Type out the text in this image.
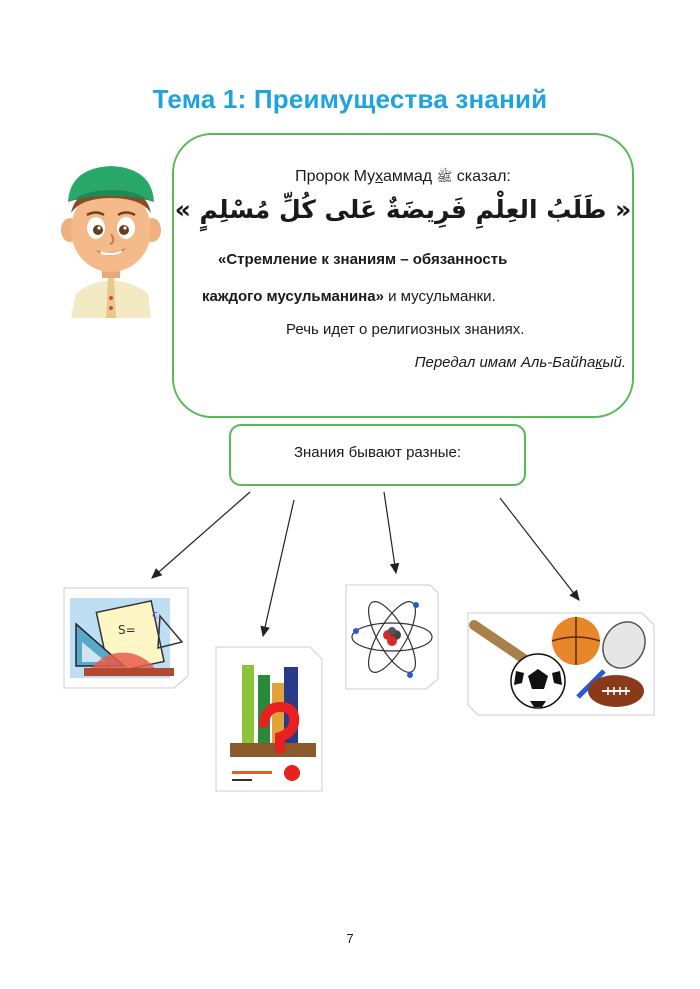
Тема 1: Преимущества знаний
Пророк Мухаммад ﷺ сказал:
« طَلَبُ العِلْمِ فَرِيضَةٌ عَلى كُلِّ مُسْلِمٍ »
«Стремление к знаниям – обязанность
каждого мусульманина» и мусульманки.
Речь идет о религиозных знаниях.
Передал имам Аль-Байhакый.
Знания бывают разные:
S=
c
7
